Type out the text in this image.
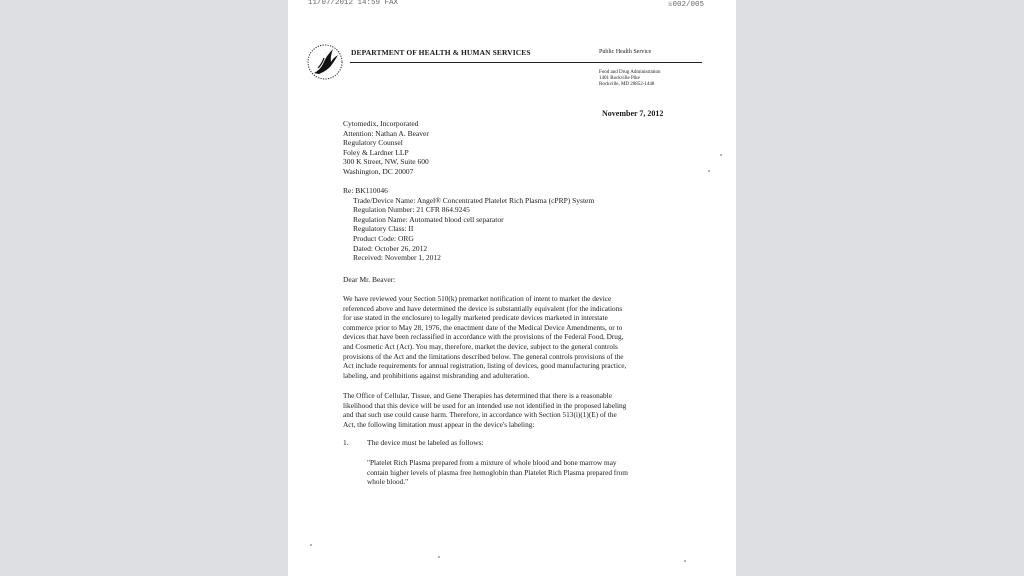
11/07/2012 14:59 FAX	☏002/005
DEPARTMENT OF HEALTH & HUMAN SERVICES	Public Health Service
Food and Drug Administration
1401 Rockville Pike
Rockville, MD 20852-1448
November 7, 2012
Cytomedix, Incorporated
Attention: Nathan A. Beaver
Regulatory Counsel
Foley & Lardner LLP
300 K Street, NW, Suite 600
Washington, DC 20007
Re: BK110046
Trade/Device Name: Angel® Concentrated Platelet Rich Plasma (cPRP) System
Regulation Number: 21 CFR 864.9245
Regulation Name: Automated blood cell separator
Regulatory Class: II
Product Code: ORG
Dated: October 26, 2012
Received: November 1, 2012
Dear Mr. Beaver:
We have reviewed your Section 510(k) premarket notification of intent to market the device
referenced above and have determined the device is substantially equivalent (for the indications
for use stated in the enclosure) to legally marketed predicate devices marketed in interstate
commerce prior to May 28, 1976, the enactment date of the Medical Device Amendments, or to
devices that have been reclassified in accordance with the provisions of the Federal Food, Drug,
and Cosmetic Act (Act). You may, therefore, market the device, subject to the general controls
provisions of the Act and the limitations described below. The general controls provisions of the
Act include requirements for annual registration, listing of devices, good manufacturing practice,
labeling, and prohibitions against misbranding and adulteration.
The Office of Cellular, Tissue, and Gene Therapies has determined that there is a reasonable
likelihood that this device will be used for an intended use not identified in the proposed labeling
and that such use could cause harm. Therefore, in accordance with Section 513(i)(1)(E) of the
Act, the following limitation must appear in the device's labeling:
1. The device must be labeled as follows:
"Platelet Rich Plasma prepared from a mixture of whole blood and bone marrow may
contain higher levels of plasma free hemoglobin than Platelet Rich Plasma prepared from
whole blood."
